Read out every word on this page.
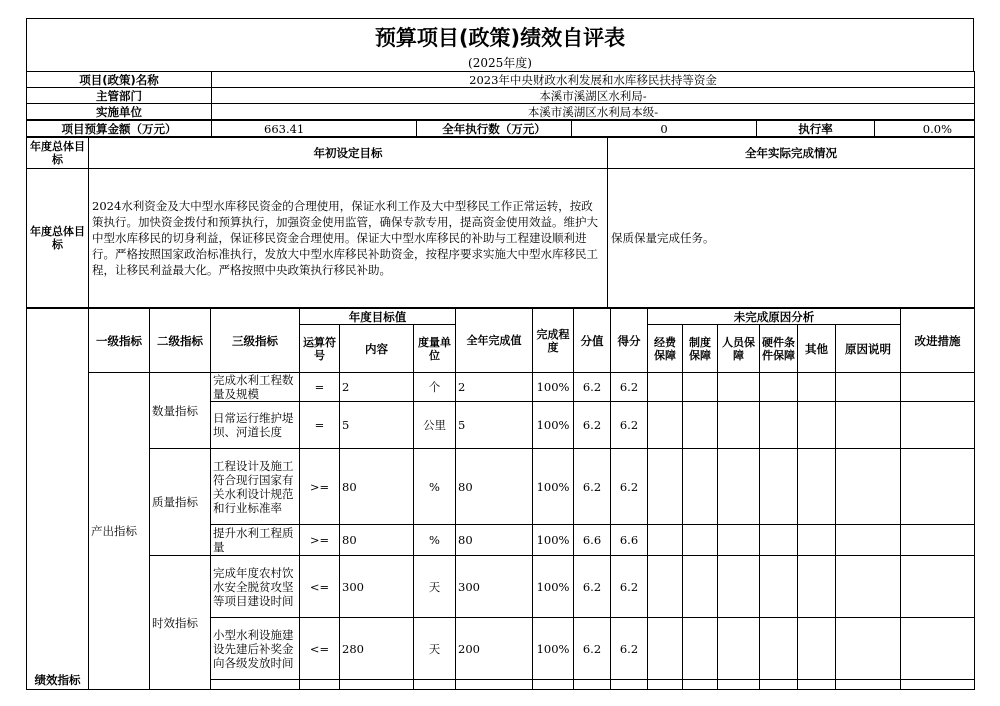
预算项目(政策)绩效自评表
(2025年度)
项目(政策)名称	2023年中央财政水利发展和水库移民扶持等资金
主管部门	本溪市溪湖区水利局-
实施单位	本溪市溪湖区水利局本级-
项目预算金额（万元）	663.41	全年执行数（万元）	0	执行率	0.0%
年度总体目标	年初设定目标	全年实际完成情况
年度总体目标	2024水利资金及大中型水库移民资金的合理使用，保证水利工作及大中型移民工作正常运转，按政策执行。加快资金拨付和预算执行，加强资金使用监管，确保专款专用，提高资金使用效益。维护大中型水库移民的切身利益，保证移民资金合理使用。保证大中型水库移民的补助与工程建设顺利进行。严格按照国家政治标准执行，发放大中型水库移民补助资金，按程序要求实施大中型水库移民工程，让移民利益最大化。严格按照中央政策执行移民补助。	保质保量完成任务。
绩效指标	一级指标	二级指标	三级指标	年度目标值			全年完成值	完成程度	分值	得分	未完成原因分析						改进措施
				运算符号	内容	度量单位					经费保障	制度保障	人员保障	硬件条件保障	其他	原因说明	
	产出指标	数量指标	完成水利工程数量及规模	=	2	个	2	100%	6.2	6.2							
			日常运行维护堤坝、河道长度	=	5	公里	5	100%	6.2	6.2							
		质量指标	工程设计及施工符合现行国家有关水利设计规范和行业标准率	>=	80	%	80	100%	6.2	6.2							
			提升水利工程质量	>=	80	%	80	100%	6.6	6.6							
		时效指标	完成年度农村饮水安全脱贫攻坚等项目建设时间	<=	300	天	300	100%	6.2	6.2							
			小型水利设施建设先建后补奖金向各级发放时间	<=	280	天	200	100%	6.2	6.2							
